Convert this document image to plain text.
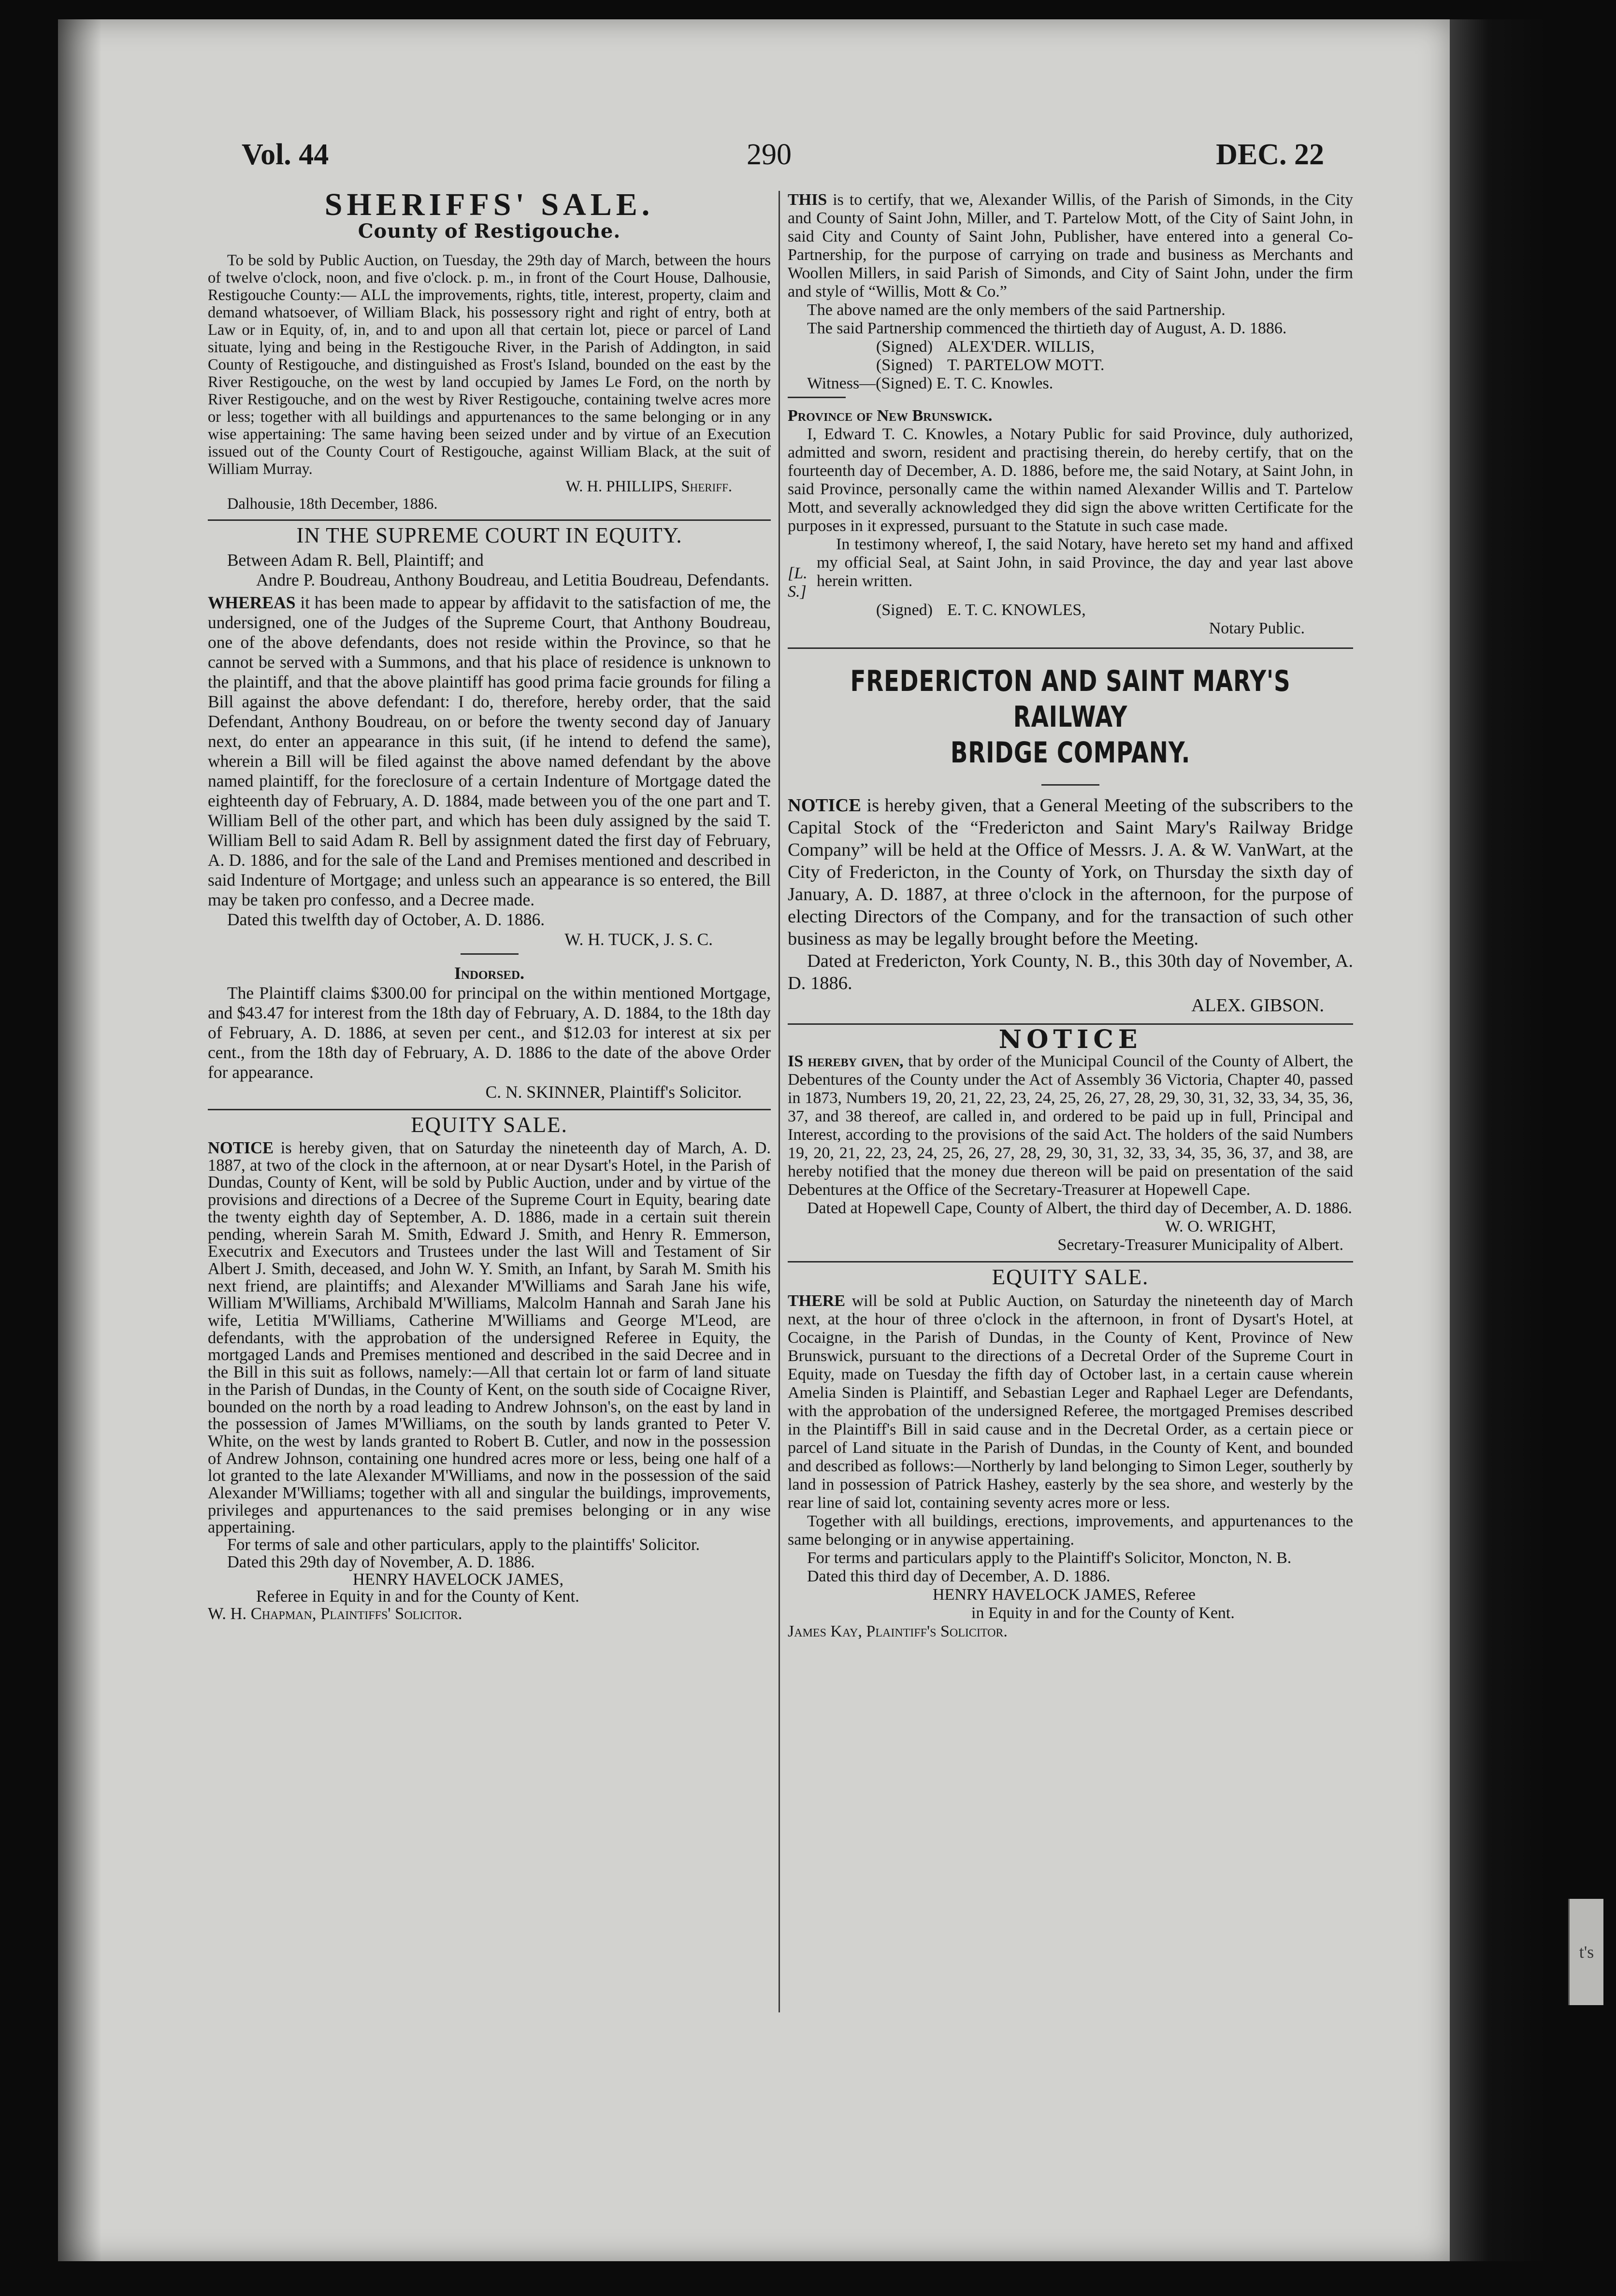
t's
Vol. 44	290	DEC. 22

SHERIFFS' SALE.

County of Restigouche.

To be sold by Public Auction, on Tuesday, the 29th day of March, between the hours of twelve o'clock, noon, and five o'clock. p. m., in front of the Court House, Dalhousie, Restigouche County:— ALL the improvements, rights, title, interest, property, claim and demand whatsoever, of William Black, his possessory right and right of entry, both at Law or in Equity, of, in, and to and upon all that certain lot, piece or parcel of Land situate, lying and being in the Restigouche River, in the Parish of Addington, in said County of Restigouche, and distinguished as Frost's Island, bounded on the east by the River Restigouche, on the west by land occupied by James Le Ford, on the north by River Restigouche, and on the west by River Restigouche, containing twelve acres more or less; together with all buildings and appurtenances to the same belonging or in any wise appertaining: The same having been seized under and by virtue of an Execution issued out of the County Court of Restigouche, against William Black, at the suit of William Murray.

W. H. PHILLIPS, Sheriff.

Dalhousie, 18th December, 1886.

IN THE SUPREME COURT IN EQUITY.

Between Adam R. Bell, Plaintiff; and

Andre P. Boudreau, Anthony Boudreau, and Letitia Boudreau, Defendants.

WHEREAS it has been made to appear by affidavit to the satisfaction of me, the undersigned, one of the Judges of the Supreme Court, that Anthony Boudreau, one of the above defendants, does not reside within the Province, so that he cannot be served with a Summons, and that his place of residence is unknown to the plaintiff, and that the above plaintiff has good prima facie grounds for filing a Bill against the above defendant: I do, therefore, hereby order, that the said Defendant, Anthony Boudreau, on or before the twenty second day of January next, do enter an appearance in this suit, (if he intend to defend the same), wherein a Bill will be filed against the above named defendant by the above named plaintiff, for the foreclosure of a certain Indenture of Mortgage dated the eighteenth day of February, A. D. 1884, made between you of the one part and T. William Bell of the other part, and which has been duly assigned by the said T. William Bell to said Adam R. Bell by assignment dated the first day of February, A. D. 1886, and for the sale of the Land and Premises mentioned and described in said Indenture of Mortgage; and unless such an appearance is so entered, the Bill may be taken pro confesso, and a Decree made.

Dated this twelfth day of October, A. D. 1886.

W. H. TUCK, J. S. C.

Indorsed.

The Plaintiff claims $300.00 for principal on the within mentioned Mortgage, and $43.47 for interest from the 18th day of February, A. D. 1884, to the 18th day of February, A. D. 1886, at seven per cent., and $12.03 for interest at six per cent., from the 18th day of February, A. D. 1886 to the date of the above Order for appearance.

C. N. SKINNER, Plaintiff's Solicitor.

EQUITY SALE.

NOTICE is hereby given, that on Saturday the nineteenth day of March, A. D. 1887, at two of the clock in the afternoon, at or near Dysart's Hotel, in the Parish of Dundas, County of Kent, will be sold by Public Auction, under and by virtue of the provisions and directions of a Decree of the Supreme Court in Equity, bearing date the twenty eighth day of September, A. D. 1886, made in a certain suit therein pending, wherein Sarah M. Smith, Edward J. Smith, and Henry R. Emmerson, Executrix and Executors and Trustees under the last Will and Testament of Sir Albert J. Smith, deceased, and John W. Y. Smith, an Infant, by Sarah M. Smith his next friend, are plaintiffs; and Alexander M'Williams and Sarah Jane his wife, William M'Williams, Archibald M'Williams, Malcolm Hannah and Sarah Jane his wife, Letitia M'Williams, Catherine M'Williams and George M'Leod, are defendants, with the approbation of the undersigned Referee in Equity, the mortgaged Lands and Premises mentioned and described in the said Decree and in the Bill in this suit as follows, namely:—All that certain lot or farm of land situate in the Parish of Dundas, in the County of Kent, on the south side of Cocaigne River, bounded on the north by a road leading to Andrew Johnson's, on the east by land in the possession of James M'Williams, on the south by lands granted to Peter V. White, on the west by lands granted to Robert B. Cutler, and now in the possession of Andrew Johnson, containing one hundred acres more or less, being one half of a lot granted to the late Alexander M'Williams, and now in the possession of the said Alexander M'Williams; together with all and singular the buildings, improvements, privileges and appurtenances to the said premises belonging or in any wise appertaining.

For terms of sale and other particulars, apply to the plaintiffs' Solicitor.

Dated this 29th day of November, A. D. 1886.

HENRY HAVELOCK JAMES,

Referee in Equity in and for the County of Kent.

W. H. Chapman, Plaintiffs' Solicitor.

THIS is to certify, that we, Alexander Willis, of the Parish of Simonds, in the City and County of Saint John, Miller, and T. Partelow Mott, of the City of Saint John, in said City and County of Saint John, Publisher, have entered into a general Co-Partnership, for the purpose of carrying on trade and business as Merchants and Woollen Millers, in said Parish of Simonds, and City of Saint John, under the firm and style of “Willis, Mott & Co.”

The above named are the only members of the said Partnership.

The said Partnership commenced the thirtieth day of August, A. D. 1886.

(Signed) ALEX'DER. WILLIS,
(Signed) T. PARTELOW MOTT.

Witness—(Signed) E. T. C. Knowles.

Province of New Brunswick.

I, Edward T. C. Knowles, a Notary Public for said Province, duly authorized, admitted and sworn, resident and practising therein, do hereby certify, that on the fourteenth day of December, A. D. 1886, before me, the said Notary, at Saint John, in said Province, personally came the within named Alexander Willis and T. Partelow Mott, and severally acknowledged they did sign the above written Certificate for the purposes in it expressed, pursuant to the Statute in such case made.

[L. S.]

In testimony whereof, I, the said Notary, have hereto set my hand and affixed my official Seal, at Saint John, in said Province, the day and year last above herein written.

(Signed) E. T. C. KNOWLES,

Notary Public.

FREDERICTON AND SAINT MARY'S RAILWAY
BRIDGE COMPANY.

NOTICE is hereby given, that a General Meeting of the subscribers to the Capital Stock of the “Fredericton and Saint Mary's Railway Bridge Company” will be held at the Office of Messrs. J. A. & W. VanWart, at the City of Fredericton, in the County of York, on Thursday the sixth day of January, A. D. 1887, at three o'clock in the afternoon, for the purpose of electing Directors of the Company, and for the transaction of such other business as may be legally brought before the Meeting.

Dated at Fredericton, York County, N. B., this 30th day of November, A. D. 1886.

ALEX. GIBSON.

NOTICE

IS hereby given, that by order of the Municipal Council of the County of Albert, the Debentures of the County under the Act of Assembly 36 Victoria, Chapter 40, passed in 1873, Numbers 19, 20, 21, 22, 23, 24, 25, 26, 27, 28, 29, 30, 31, 32, 33, 34, 35, 36, 37, and 38 thereof, are called in, and ordered to be paid up in full, Principal and Interest, according to the provisions of the said Act. The holders of the said Numbers 19, 20, 21, 22, 23, 24, 25, 26, 27, 28, 29, 30, 31, 32, 33, 34, 35, 36, 37, and 38, are hereby notified that the money due thereon will be paid on presentation of the said Debentures at the Office of the Secretary-Treasurer at Hopewell Cape.

Dated at Hopewell Cape, County of Albert, the third day of December, A. D. 1886.

W. O. WRIGHT,

Secretary-Treasurer Municipality of Albert.

EQUITY SALE.

THERE will be sold at Public Auction, on Saturday the nineteenth day of March next, at the hour of three o'clock in the afternoon, in front of Dysart's Hotel, at Cocaigne, in the Parish of Dundas, in the County of Kent, Province of New Brunswick, pursuant to the directions of a Decretal Order of the Supreme Court in Equity, made on Tuesday the fifth day of October last, in a certain cause wherein Amelia Sinden is Plaintiff, and Sebastian Leger and Raphael Leger are Defendants, with the approbation of the undersigned Referee, the mortgaged Premises described in the Plaintiff's Bill in said cause and in the Decretal Order, as a certain piece or parcel of Land situate in the Parish of Dundas, in the County of Kent, and bounded and described as follows:—Northerly by land belonging to Simon Leger, southerly by land in possession of Patrick Hashey, easterly by the sea shore, and westerly by the rear line of said lot, containing seventy acres more or less.

Together with all buildings, erections, improvements, and appurtenances to the same belonging or in anywise appertaining.

For terms and particulars apply to the Plaintiff's Solicitor, Moncton, N. B.

Dated this third day of December, A. D. 1886.

HENRY HAVELOCK JAMES, Referee

in Equity in and for the County of Kent.

James Kay, Plaintiff's Solicitor.
